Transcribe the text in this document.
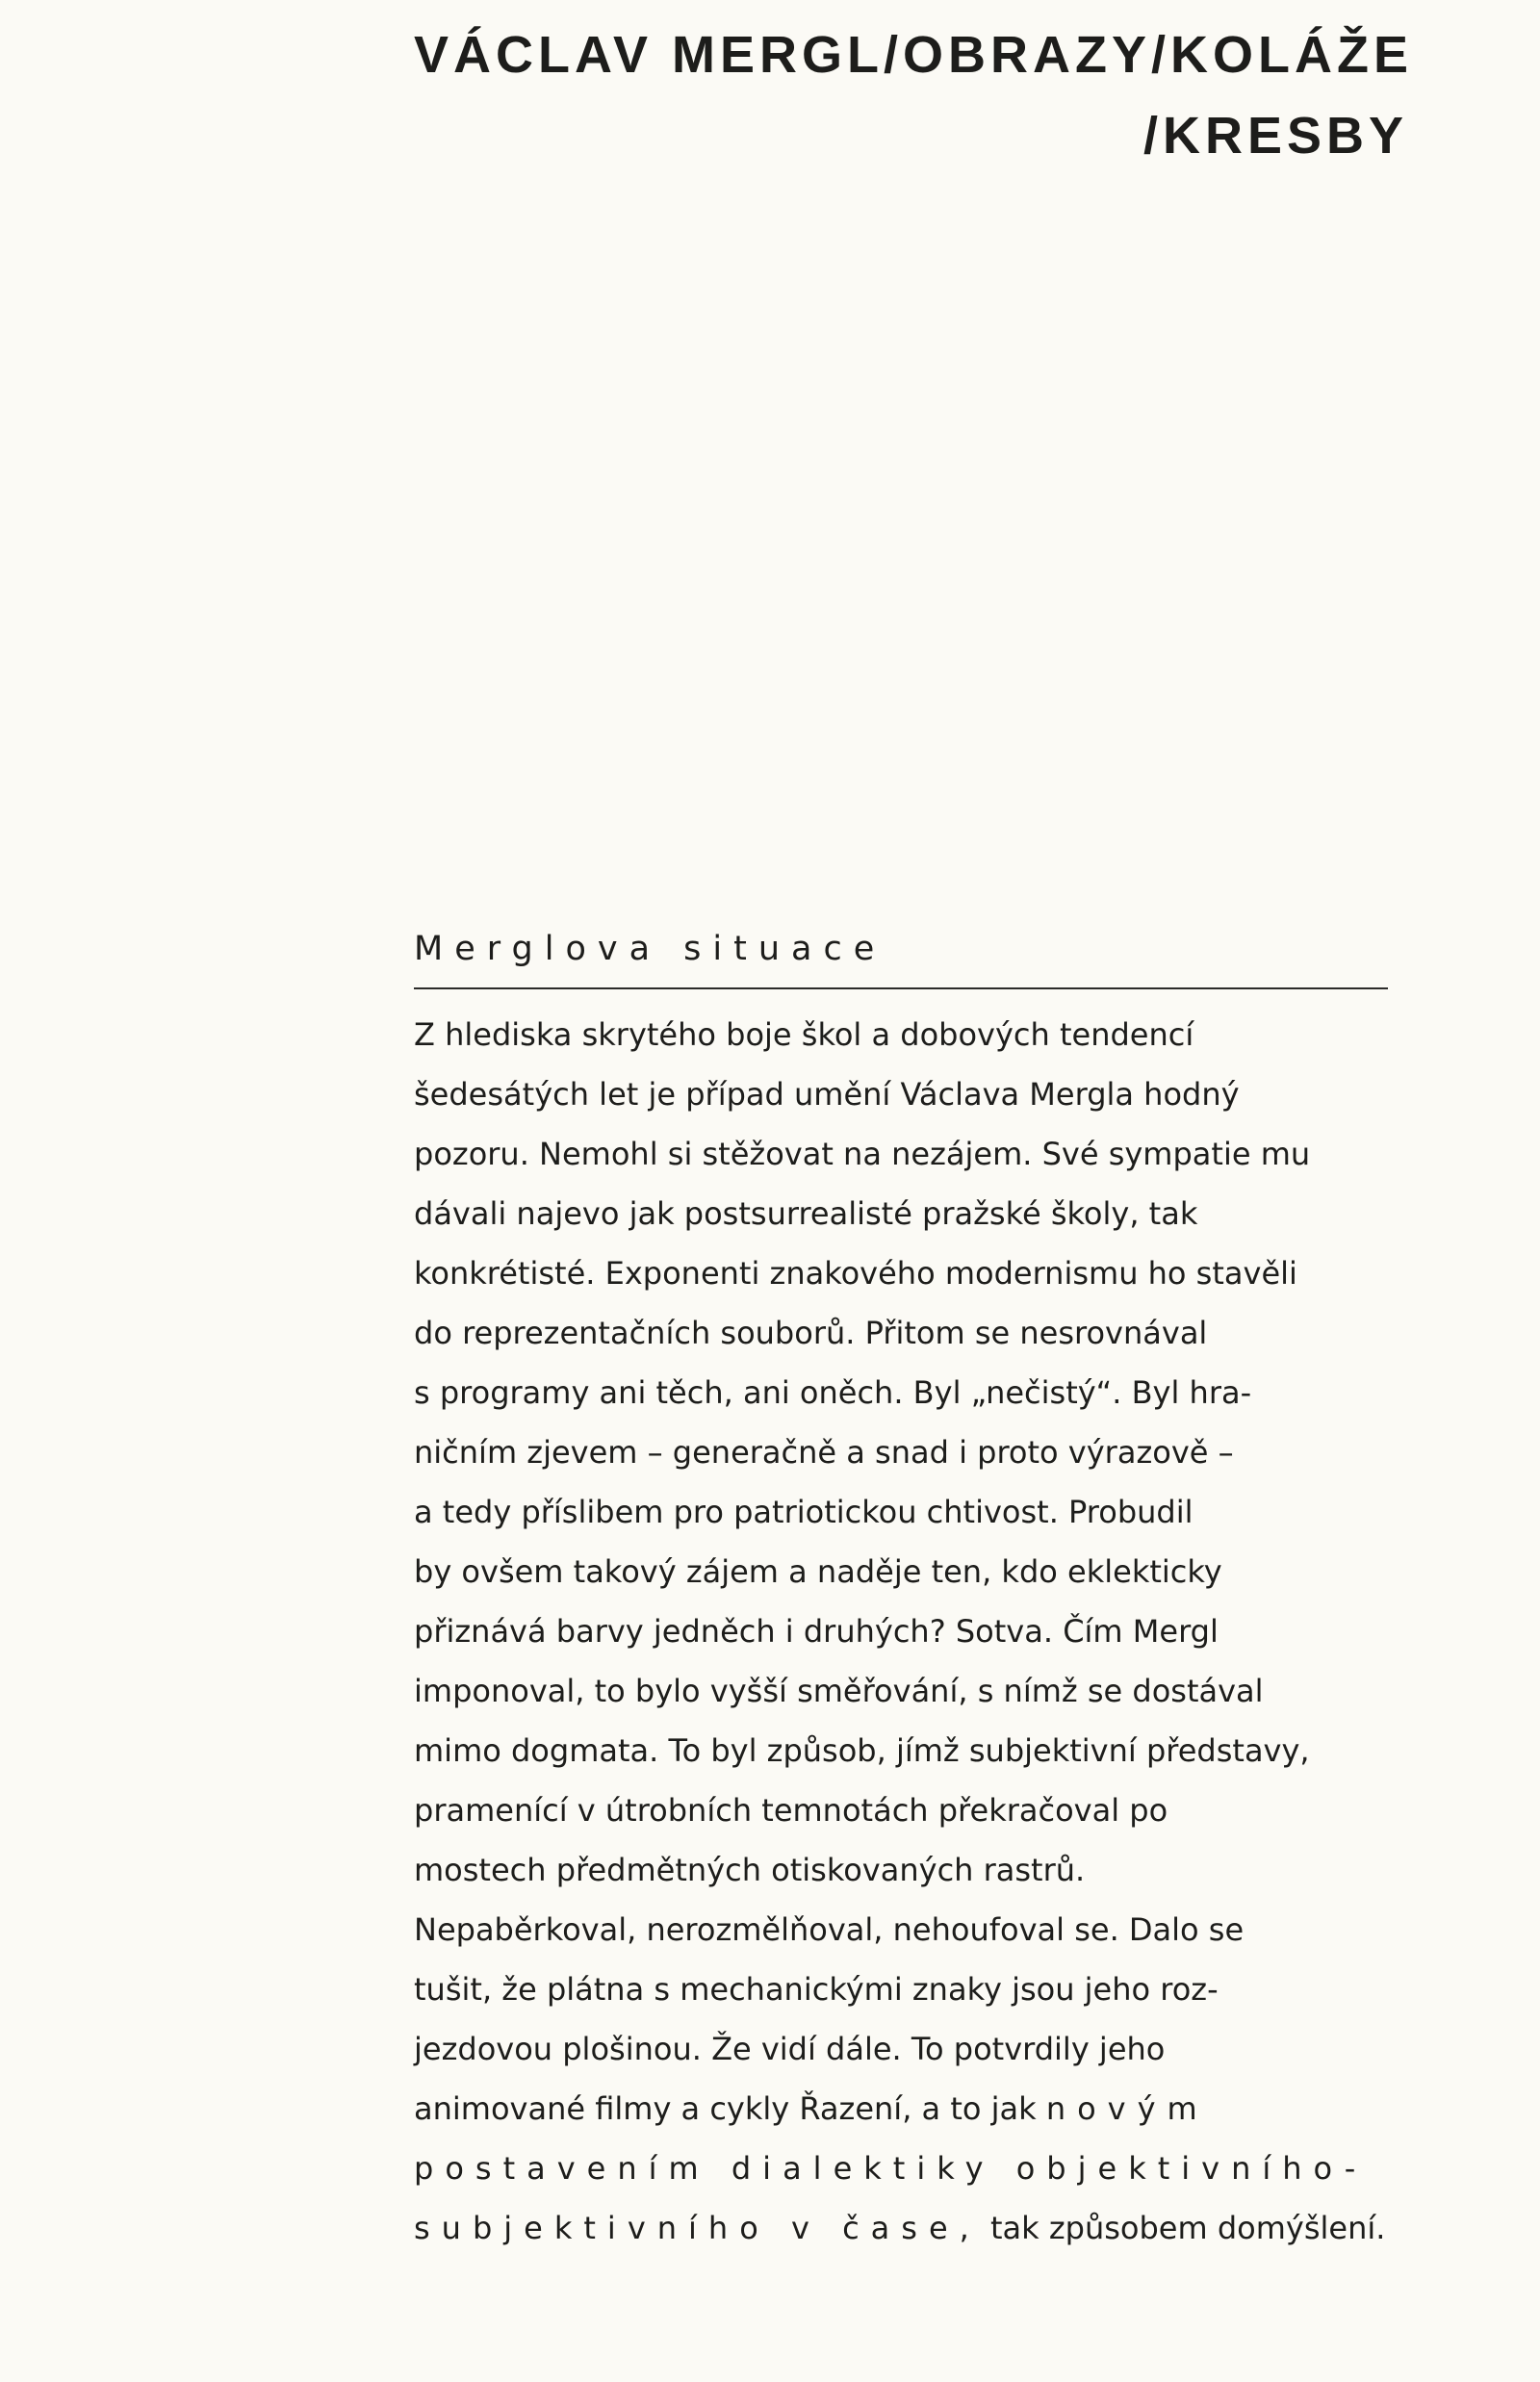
VÁCLAV MERGL/OBRAZY/KOLÁŽE
/KRESBY
Merglova situace
Z hlediska skrytého boje škol a dobových tendencí
šedesátých let je případ umění Václava Mergla hodný
pozoru. Nemohl si stěžovat na nezájem. Své sympatie mu
dávali najevo jak postsurrealisté pražské školy, tak
konkrétisté. Exponenti znakového modernismu ho stavěli
do reprezentačních souborů. Přitom se nesrovnával
s programy ani těch, ani oněch. Byl „nečistý“. Byl hra-
ničním zjevem – generačně a snad i proto výrazově –
a tedy příslibem pro patriotickou chtivost. Probudil
by ovšem takový zájem a naděje ten, kdo eklekticky
přiznává barvy jedněch i druhých? Sotva. Čím Mergl
imponoval, to bylo vyšší směřování, s nímž se dostával
mimo dogmata. To byl způsob, jímž subjektivní představy,
pramenící v útrobních temnotách překračoval po
mostech předmětných otiskovaných rastrů.
Nepaběrkoval, nerozmělňoval, nehoufoval se. Dalo se
tušit, že plátna s mechanickými znaky jsou jeho roz-
jezdovou plošinou. Že vidí dále. To potvrdily jeho
animované filmy a cykly Řazení, a to jak novým
postavením dialektiky objektivního-
subjektivního v čase, tak způsobem domýšlení.
